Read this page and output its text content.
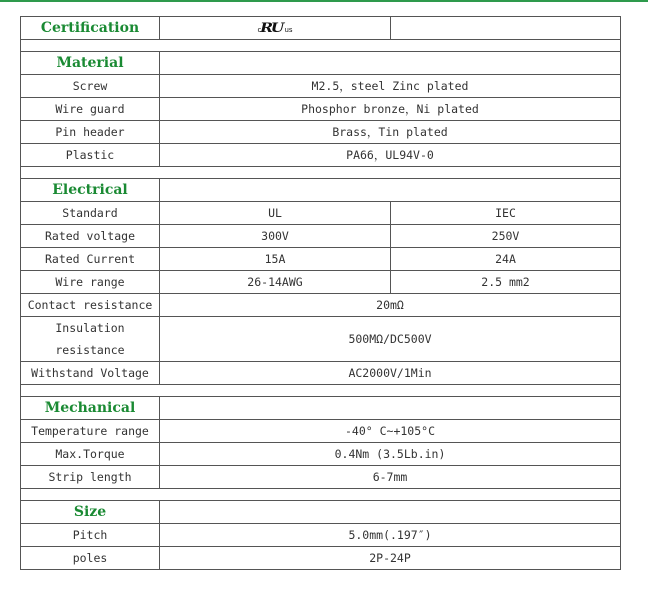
Certification	c RU us	

Material		
Screw	M2.5，steel Zinc plated	
Wire guard	Phosphor bronze，Ni plated	
Pin header	Brass，Tin plated	
Plastic	PA66，UL94V-0	

Electrical		
Standard	UL	IEC
Rated voltage	300V	250V
Rated Current	15A	24A
Wire range	26-14AWG	2.5 mm2
Contact resistance	20mΩ	
Insulation resistance	500MΩ/DC500V	
Withstand Voltage	AC2000V/1Min	

Mechanical		
Temperature range	-40° C~+105°C	
Max.Torque	0.4Nm (3.5Lb.in)	
Strip length	6-7mm	

Size		
Pitch	5.0mm(.197″)	
poles	2P-24P	
